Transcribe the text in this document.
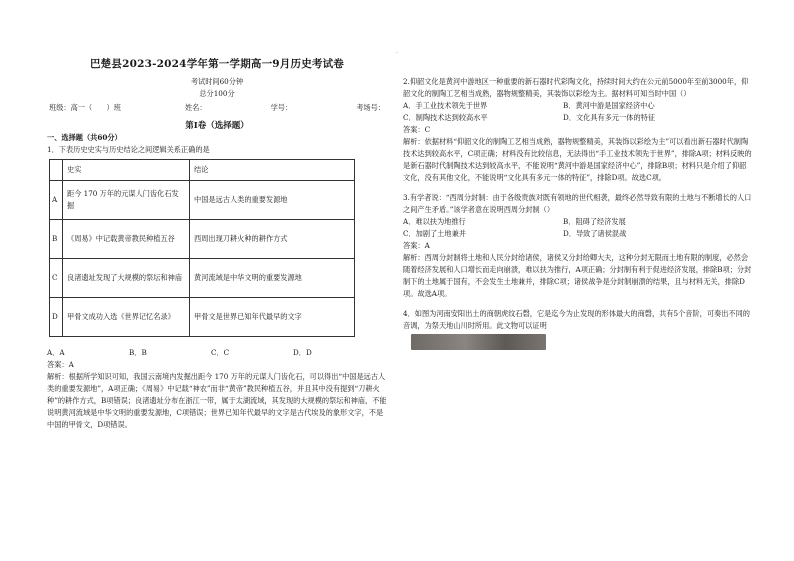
·
巴楚县2023-2024学年第一学期高一9月历史考试卷
考试时间60分钟
总分100分
班级：高一（　　）班	姓名：	学号：	考场号：
第Ⅰ卷（选择题）
一、选择题（共60分）
1．下表历史史实与历史结论之间逻辑关系正确的是
	史实	结论
A	距今 170 万年的元谋人门齿化石发掘	中国是远古人类的重要发源地
B	《周易》中记载黄帝教民种植五谷	西周出现刀耕火种的耕作方式
C	良渚遗址发现了大规模的祭坛和神庙	黄河流域是中华文明的重要发源地
D	甲骨文成功入选《世界记忆名录》	甲骨文是世界已知年代最早的文字
A．A	B．B	C．C	D．D
答案：A

解析：根据所学知识可知，我国云南境内发掘出距今 170 万年的元谋人门齿化石，可以得出“中国是远古人类的重要发源地”，A项正确；《周易》中记载“神农”而非“黄帝”教民种植五谷，并且其中没有提到“刀耕火种”的耕作方式，B项错误；良渚遗址分布在浙江一带，属于太湖流域，其发现的大规模的祭坛和神庙，不能说明黄河流域是中华文明的重要发源地，C项错误；世界已知年代最早的文字是古代埃及的象形文字，不是中国的甲骨文，D项错误。

2.仰韶文化是黄河中游地区一种重要的新石器时代彩陶文化，持续时间大约在公元前5000年至前3000年，仰韶文化的制陶工艺相当成熟，器物规整精美，其装饰以彩绘为主。据材料可知当时中国（）

A．手工业技术领先于世界	B．黄河中游是国家经济中心
C．制陶技术达到较高水平	D．文化具有多元一体的特征
答案：C

解析：依据材料“仰韶文化的制陶工艺相当成熟，器物规整精美，其装饰以彩绘为主”可以看出新石器时代制陶技术达到较高水平，C项正确；材料没有比较信息，无法得出“手工业技术领先于世界”，排除A项；材料反映的是新石器时代制陶技术达到较高水平，不能说明“黄河中游是国家经济中心”，排除B项；材料只是介绍了仰韶文化，没有其他文化，不能说明“文化具有多元一体的特征”，排除D项。故选C项。

3.有学者说：“西周分封制：由于各级贵族对既有领地的世代相袭，最终必然导致有限的土地与不断增长的人口之间产生矛盾。”该学者意在说明西周分封制（）

A．难以扶为地推行	B．阻碍了经济发展
C．加剧了土地兼并	D．导致了诸侯混战
答案：A

解析：西周分封制将土地和人民分封给诸侯，诸侯又分封给卿大夫，这种分封无限而土地有限的制度，必然会随着经济发展和人口增长而走向崩溃，难以扶为推行，A项正确；分封制有利于促进经济发展，排除B项；分封制下的土地属于国有，不会发生土地兼并，排除C项；诸侯战争是分封制崩溃的结果，且与材料无关，排除D项。故选A项。

4．如图为河南安阳出土的商朝虎纹石磬，它是迄今为止发现的形体最大的商磬，共有5个音阶，可奏出不同的音调，为祭天地山川时所用。此文物可以证明
